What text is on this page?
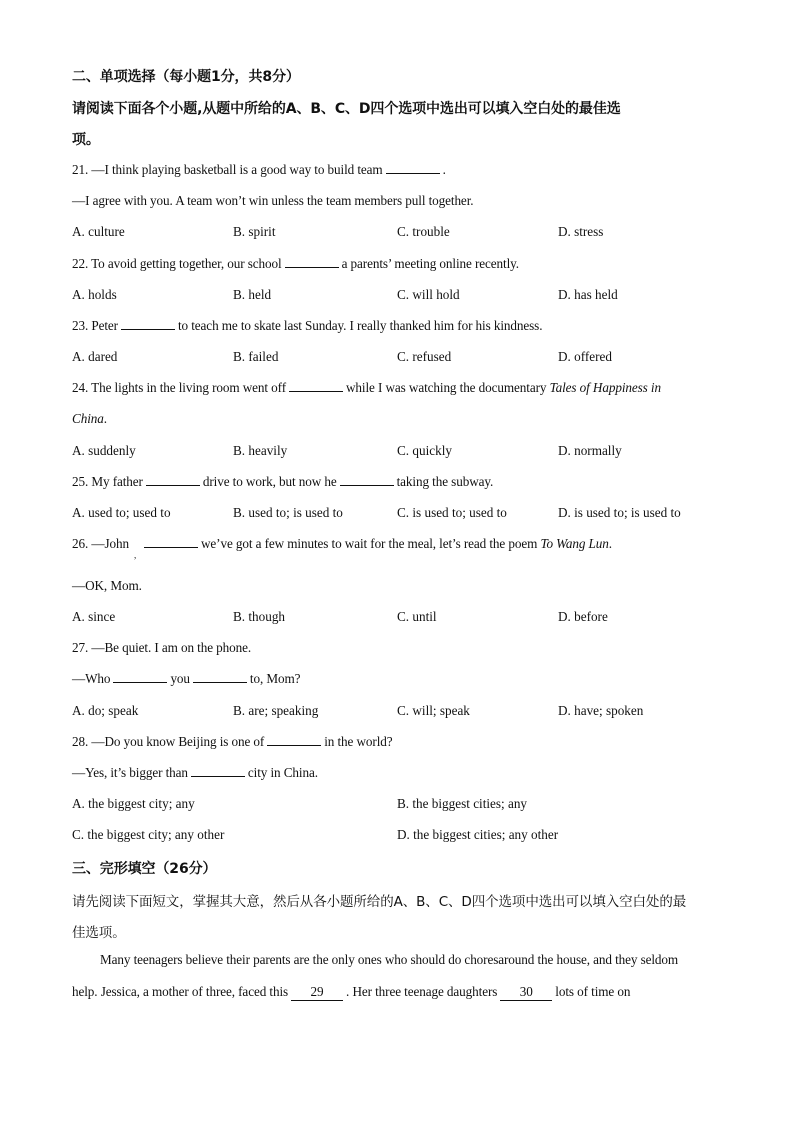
二、单项选择（每小题1分，共8分）
请阅读下面各个小题,从题中所给的A、B、C、D四个选项中选出可以填入空白处的最佳选
项。
21. —I think playing basketball is a good way to build team	.
—I agree with you. A team won’t win unless the team members pull together.
A. culture	B. spirit	C. trouble	D. stress
22. To avoid getting together, our school	a parents’ meeting online recently.
A. holds	B. held	C. will hold	D. has held
23. Peter	to teach me to skate last Sunday. I really thanked him for his kindness.
A. dared	B. failed	C. refused	D. offered
24. The lights in the living room went off	while I was watching the documentary Tales of Happiness in
China.
A. suddenly	B. heavily	C. quickly	D. normally
25. My father	drive to work, but now he	taking the subway.
A. used to; used to	B. used to; is used to	C. is used to; used to	D. is used to; is used to
26. —John	we’ve got a few minutes to wait for the meal, let’s read the poem To Wang Lun.
,
—OK, Mom.
A. since	B. though	C. until	D. before
27. —Be quiet. I am on the phone.
—Who	you	to, Mom?
A. do; speak	B. are; speaking	C. will; speak	D. have; spoken
28. —Do you know Beijing is one of	in the world?
—Yes, it’s bigger than	city in China.
A. the biggest city; any	B. the biggest cities; any
C. the biggest city; any other	D. the biggest cities; any other
三、完形填空（26分）
请先阅读下面短文，掌握其大意，然后从各小题所给的A、B、C、D四个选项中选出可以填入空白处的最
佳选项。
Many teenagers believe their parents are the only ones who should do choresaround the house, and they seldom
help. Jessica, a mother of three, faced this 29 . Her three teenage daughters 30 lots of time on
